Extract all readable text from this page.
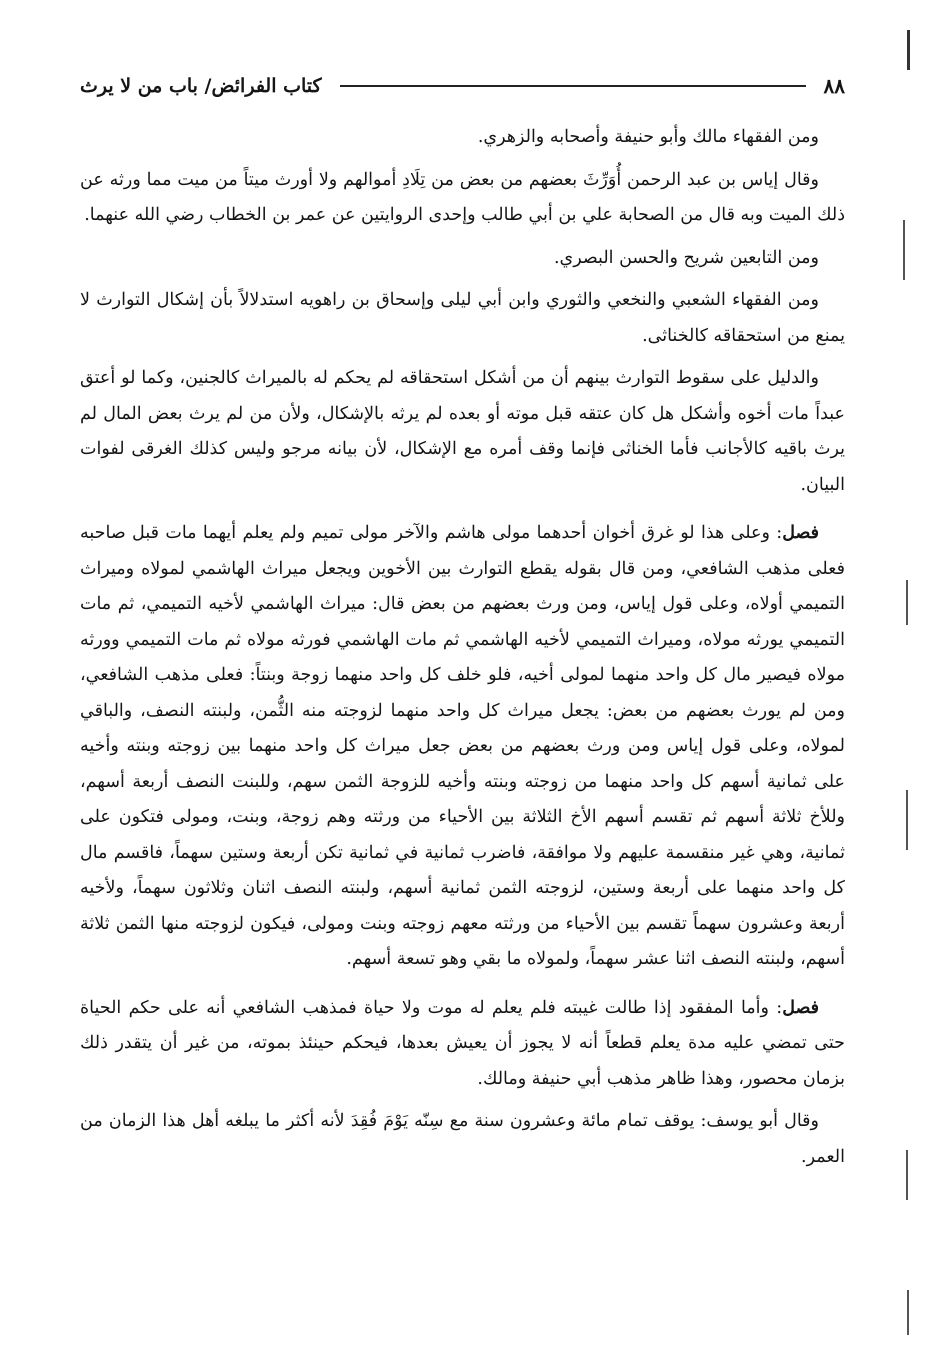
٨٨
كتاب الفرائض/ باب من لا يرث

ومن الفقهاء مالك وأبو حنيفة وأصحابه والزهري.

وقال إياس بن عبد الرحمن أُوَرِّثَ بعضهم من بعض من تِلَادِ أموالهم ولا أورث ميتاً من ميت مما ورثه عن ذلك الميت وبه قال من الصحابة علي بن أبي طالب وإحدى الروايتين عن عمر بن الخطاب رضي الله عنهما.

ومن التابعين شريح والحسن البصري.

ومن الفقهاء الشعبي والنخعي والثوري وابن أبي ليلى وإسحاق بن راهويه استدلالاً بأن إشكال التوارث لا يمنع من استحقاقه كالخناثى.

والدليل على سقوط التوارث بينهم أن من أشكل استحقاقه لم يحكم له بالميراث كالجنين، وكما لو أعتق عبداً مات أخوه وأشكل هل كان عتقه قبل موته أو بعده لم يرثه بالإشكال، ولأن من لم يرث بعض المال لم يرث باقيه كالأجانب فأما الخناثى فإنما وقف أمره مع الإشكال، لأن بيانه مرجو وليس كذلك الغرقى لفوات البيان.

فصل: وعلى هذا لو غرق أخوان أحدهما مولى هاشم والآخر مولى تميم ولم يعلم أيهما مات قبل صاحبه فعلى مذهب الشافعي، ومن قال بقوله يقطع التوارث بين الأخوين ويجعل ميراث الهاشمي لمولاه وميراث التميمي أولاه، وعلى قول إياس، ومن ورث بعضهم من بعض قال: ميراث الهاشمي لأخيه التميمي، ثم مات التميمي يورثه مولاه، وميراث التميمي لأخيه الهاشمي ثم مات الهاشمي فورثه مولاه ثم مات التميمي وورثه مولاه فيصير مال كل واحد منهما لمولى أخيه، فلو خلف كل واحد منهما زوجة وبنتاً: فعلى مذهب الشافعي، ومن لم يورث بعضهم من بعض: يجعل ميراث كل واحد منهما لزوجته منه الثُّمن، ولبنته النصف، والباقي لمولاه، وعلى قول إياس ومن ورث بعضهم من بعض جعل ميراث كل واحد منهما بين زوجته وبنته وأخيه على ثمانية أسهم كل واحد منهما من زوجته وبنته وأخيه للزوجة الثمن سهم، وللبنت النصف أربعة أسهم، وللأخ ثلاثة أسهم ثم تقسم أسهم الأخ الثلاثة بين الأحياء من ورثته وهم زوجة، وبنت، ومولى فتكون على ثمانية، وهي غير منقسمة عليهم ولا موافقة، فاضرب ثمانية في ثمانية تكن أربعة وستين سهماً، فاقسم مال كل واحد منهما على أربعة وستين، لزوجته الثمن ثمانية أسهم، ولبنته النصف اثنان وثلاثون سهماً، ولأخيه أربعة وعشرون سهماً تقسم بين الأحياء من ورثته معهم زوجته وبنت ومولى، فيكون لزوجته منها الثمن ثلاثة أسهم، ولبنته النصف اثنا عشر سهماً، ولمولاه ما بقي وهو تسعة أسهم.

فصل: وأما المفقود إذا طالت غيبته فلم يعلم له موت ولا حياة فمذهب الشافعي أنه على حكم الحياة حتى تمضي عليه مدة يعلم قطعاً أنه لا يجوز أن يعيش بعدها، فيحكم حينئذ بموته، من غير أن يتقدر ذلك بزمان محصور، وهذا ظاهر مذهب أبي حنيفة ومالك.

وقال أبو يوسف: يوقف تمام مائة وعشرون سنة مع سِنّه يَوْمَ فُقِدَ لأنه أكثر ما يبلغه أهل هذا الزمان من العمر.
